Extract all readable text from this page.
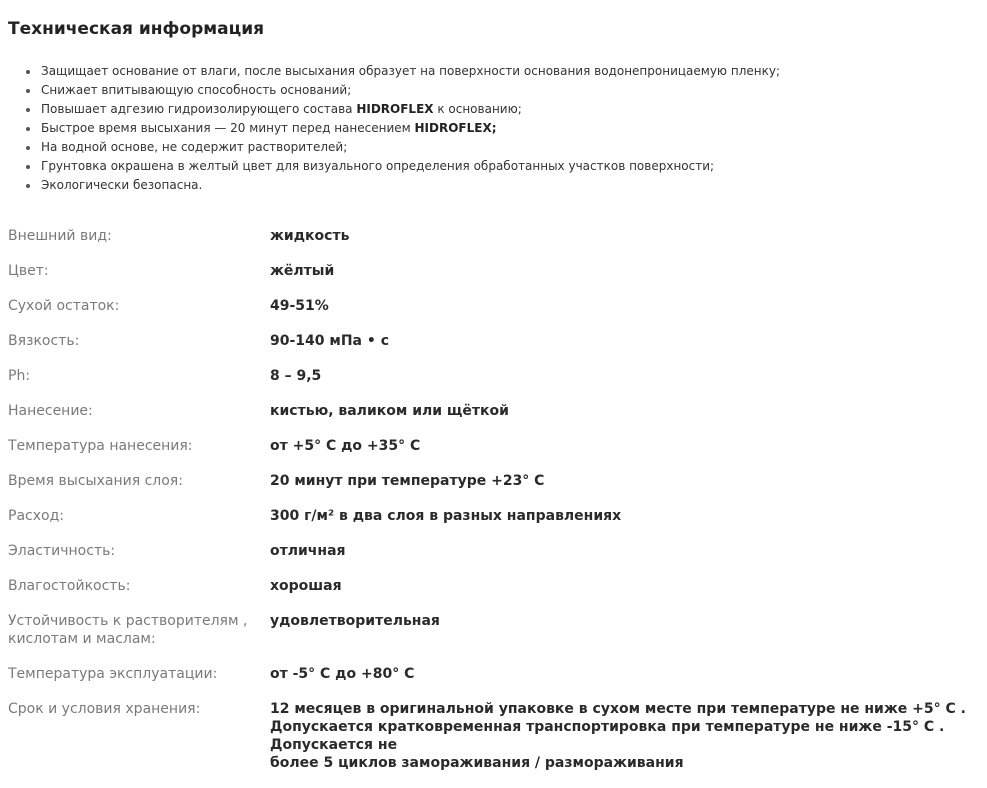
Техническая информация
Защищает основание от влаги, после высыхания образует на поверхности основания водонепроницаемую пленку;
Снижает впитывающую способность оснований;
Повышает адгезию гидроизолирующего состава HIDROFLEX к основанию;
Быстрое время высыхания — 20 минут перед нанесением HIDROFLEX;
На водной основе, не содержит растворителей;
Грунтовка окрашена в желтый цвет для визуального определения обработанных участков поверхности;
Экологически безопасна.
Внешний вид:	жидкость
Цвет:	жёлтый
Сухой остаток:	49-51%
Вязкость:	90-140 мПа • с
Ph:	8 – 9,5
Нанесение:	кистью, валиком или щёткой
Температура нанесения:	от +5° С до +35° С
Время высыхания слоя:	20 минут при температуре +23° С
Расход:	300 г/м² в два слоя в разных направлениях
Эластичность:	отличная
Влагостойкость:	хорошая
Устойчивость к растворителям ,
кислотам и маслам:
удовлетворительная
Температура эксплуатации:	от -5° С до +80° С
Срок и условия хранения:	12 месяцев в оригинальной упаковке в сухом месте при температуре не ниже +5° С .
Допускается кратковременная транспортировка при температуре не ниже -15° С . Допускается не
более 5 циклов замораживания / размораживания
